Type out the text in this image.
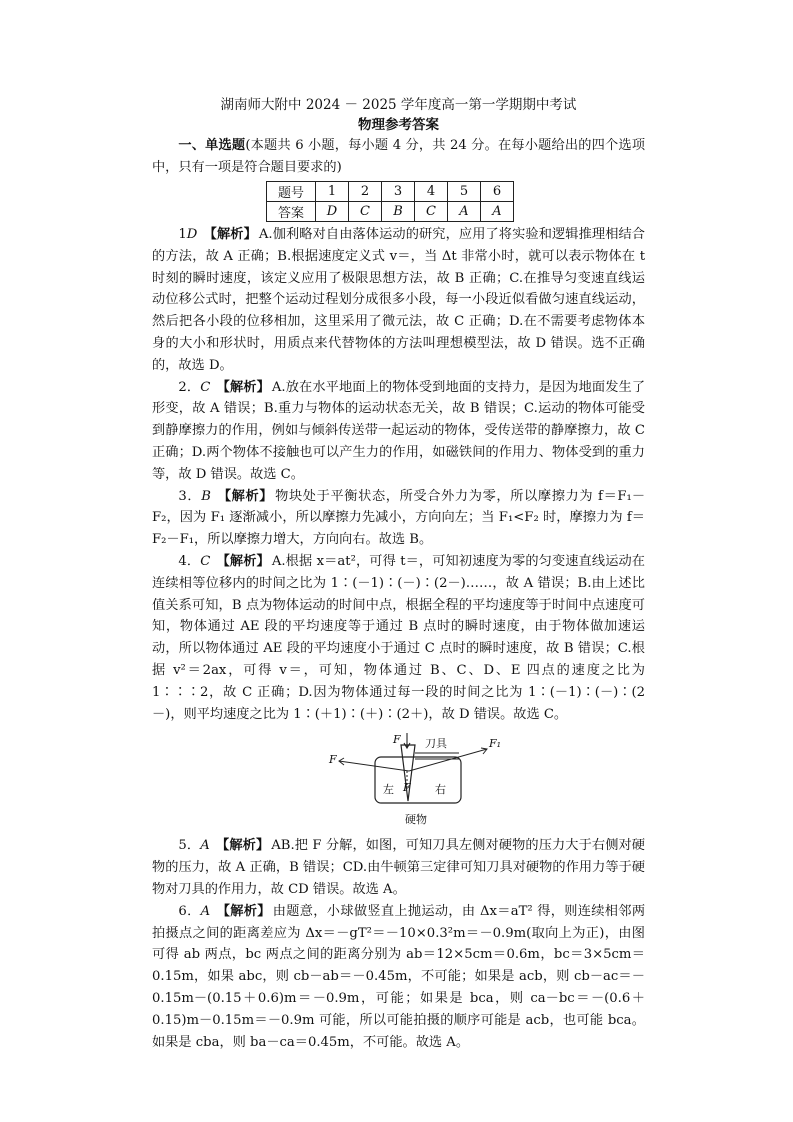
湖南师大附中 2024 － 2025 学年度高一第一学期期中考试
物理参考答案

一、单选题(本题共 6 小题，每小题 4 分，共 24 分。在每小题给出的四个选项中，只有一项是符合题目要求的)

题号	1	2	3	4	5	6
答案	D	C	B	C	A	A

1D 【解析】 A.伽利略对自由落体运动的研究，应用了将实验和逻辑推理相结合的方法，故 A 正确；B.根据速度定义式 v＝，当 Δt 非常小时，就可以表示物体在 t 时刻的瞬时速度，该定义应用了极限思想方法，故 B 正确；C.在推导匀变速直线运动位移公式时，把整个运动过程划分成很多小段，每一小段近似看做匀速直线运动，然后把各小段的位移相加，这里采用了微元法，故 C 正确；D.在不需要考虑物体本身的大小和形状时，用质点来代替物体的方法叫理想模型法，故 D 错误。选不正确的，故选 D。

2．C 【解析】 A.放在水平地面上的物体受到地面的支持力，是因为地面发生了形变，故 A 错误；B.重力与物体的运动状态无关，故 B 错误；C.运动的物体可能受到静摩擦力的作用，例如与倾斜传送带一起运动的物体，受传送带的静摩擦力，故 C 正确；D.两个物体不接触也可以产生力的作用，如磁铁间的作用力、物体受到的重力等，故 D 错误。故选 C。

3．B 【解析】 物块处于平衡状态，所受合外力为零，所以摩擦力为 f＝F₁－F₂，因为 F₁ 逐渐减小，所以摩擦力先减小，方向向左；当 F₁<F₂ 时，摩擦力为 f＝F₂－F₁，所以摩擦力增大，方向向右。故选 B。

4．C 【解析】 A.根据 x＝at²，可得 t＝，可知初速度为零的匀变速直线运动在连续相等位移内的时间之比为 1∶(－1)∶(－)∶(2－)……，故 A 错误；B.由上述比值关系可知，B 点为物体运动的时间中点，根据全程的平均速度等于时间中点速度可知，物体通过 AE 段的平均速度等于通过 B 点时的瞬时速度，由于物体做加速运动，所以物体通过 AE 段的平均速度小于通过 C 点时的瞬时速度，故 B 错误；C.根据 v²＝2ax，可得 v＝，可知，物体通过 B、C、D、E 四点的速度之比为 1∶∶∶2，故 C 正确；D.因为物体通过每一段的时间之比为 1∶(－1)∶(－)∶(2－)，则平均速度之比为 1∶(＋1)∶(＋)∶(2＋)，故 D 错误。故选 C。

F 刀具	F₁
F
左 F 右
硬物

5．A 【解析】 AB.把 F 分解，如图，可知刀具左侧对硬物的压力大于右侧对硬物的压力，故 A 正确，B 错误；CD.由牛顿第三定律可知刀具对硬物的作用力等于硬物对刀具的作用力，故 CD 错误。故选 A。

6．A 【解析】 由题意，小球做竖直上抛运动，由 Δx＝aT² 得，则连续相邻两拍摄点之间的距离差应为 Δx＝－gT²＝－10×0.3²m＝－0.9m(取向上为正)，由图可得 ab 两点，bc 两点之间的距离分别为 ab＝12×5cm＝0.6m，bc＝3×5cm＝0.15m，如果 abc，则 cb－ab＝－0.45m，不可能；如果是 acb，则 cb－ac＝－0.15m－(0.15＋0.6)m＝－0.9m，可能；如果是 bca，则 ca－bc＝－(0.6＋0.15)m－0.15m＝－0.9m 可能，所以可能拍摄的顺序可能是 acb，也可能 bca。如果是 cba，则 ba－ca＝0.45m，不可能。故选 A。
